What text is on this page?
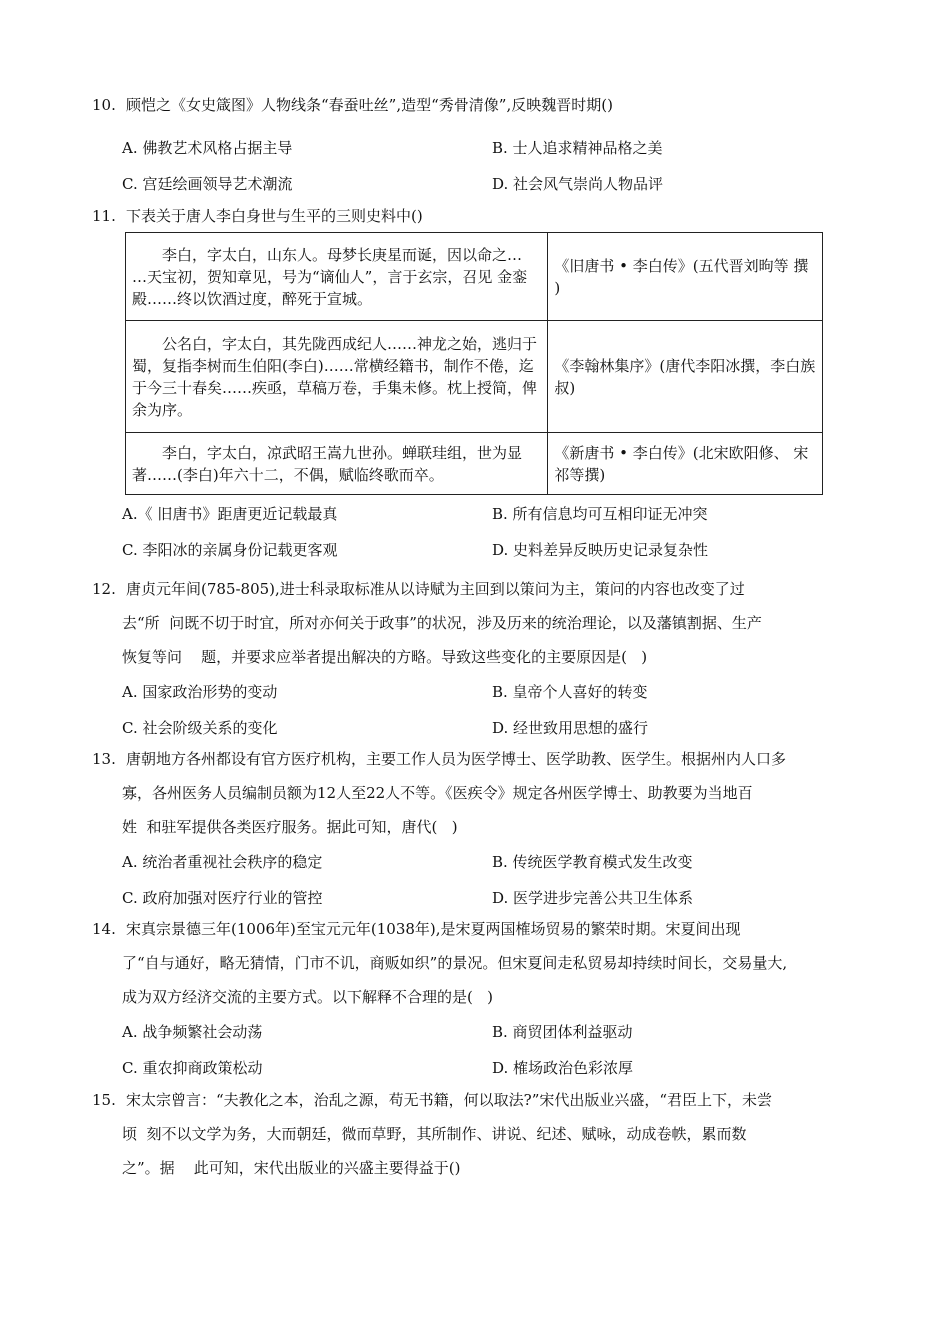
10. 顾恺之《女史箴图》人物线条“春蚕吐丝”,造型“秀骨清像”,反映魏晋时期()
A. 佛教艺术风格占据主导	B. 士人追求精神品格之美
C. 宫廷绘画领导艺术潮流	D. 社会风气崇尚人物品评
11. 下表关于唐人李白身世与生平的三则史料中()
李白，字太白，山东人。母梦长庚星而诞，因以命之… …天宝初，贺知章见，号为“谪仙人”，言于玄宗，召见 金銮殿……终以饮酒过度，醉死于宣城。	《旧唐书 • 李白传》(五代晋刘昫等 撰 )
公名白，字太白，其先陇西成纪人……神龙之始，逃归于蜀，复指李树而生伯阳(李白)……常横经籍书，制作不倦，迄于今三十春矣……疾亟，草稿万卷，手集未修。枕上授简，俾余为序。	《李翰林集序》(唐代李阳冰撰，李白族叔)
李白，字太白，凉武昭王嵩九世孙。蝉联珪组，世为显 著……(李白)年六十二，不偶，赋临终歌而卒。	《新唐书 • 李白传》(北宋欧阳修、 宋祁等撰)
A.《 旧唐书》距唐更近记载最真	B. 所有信息均可互相印证无冲突
C. 李阳冰的亲属身份记载更客观	D. 史料差异反映历史记录复杂性
12. 唐贞元年间(785-805),进士科录取标准从以诗赋为主回到以策问为主，策问的内容也改变了过
去“所  问既不切于时宜，所对亦何关于政事”的状况，涉及历来的统治理论，以及藩镇割据、生产
恢复等问    题，并要求应举者提出解决的方略。导致这些变化的主要原因是(   )
A. 国家政治形势的变动	B. 皇帝个人喜好的转变
C. 社会阶级关系的变化	D. 经世致用思想的盛行
13. 唐朝地方各州都设有官方医疗机构，主要工作人员为医学博士、医学助教、医学生。根据州内人口多
寡，各州医务人员编制员额为12人至22人不等。《医疾令》规定各州医学博士、助教要为当地百
姓  和驻军提供各类医疗服务。据此可知，唐代(   )
A. 统治者重视社会秩序的稳定	B. 传统医学教育模式发生改变
C. 政府加强对医疗行业的管控	D. 医学进步完善公共卫生体系
14. 宋真宗景德三年(1006年)至宝元元年(1038年),是宋夏两国榷场贸易的繁荣时期。宋夏间出现
了“自与通好，略无猜情，门市不讥，商贩如织”的景况。但宋夏间走私贸易却持续时间长，交易量大,
成为双方经济交流的主要方式。以下解释不合理的是(   )
A. 战争频繁社会动荡	B. 商贸团体利益驱动
C. 重农抑商政策松动	D. 榷场政治色彩浓厚
15. 宋太宗曾言：“夫教化之本，治乱之源，苟无书籍，何以取法?”宋代出版业兴盛，“君臣上下，未尝
顷  刻不以文学为务，大而朝廷，微而草野，其所制作、讲说、纪述、赋咏，动成卷帙，累而数
之”。据    此可知，宋代出版业的兴盛主要得益于()
